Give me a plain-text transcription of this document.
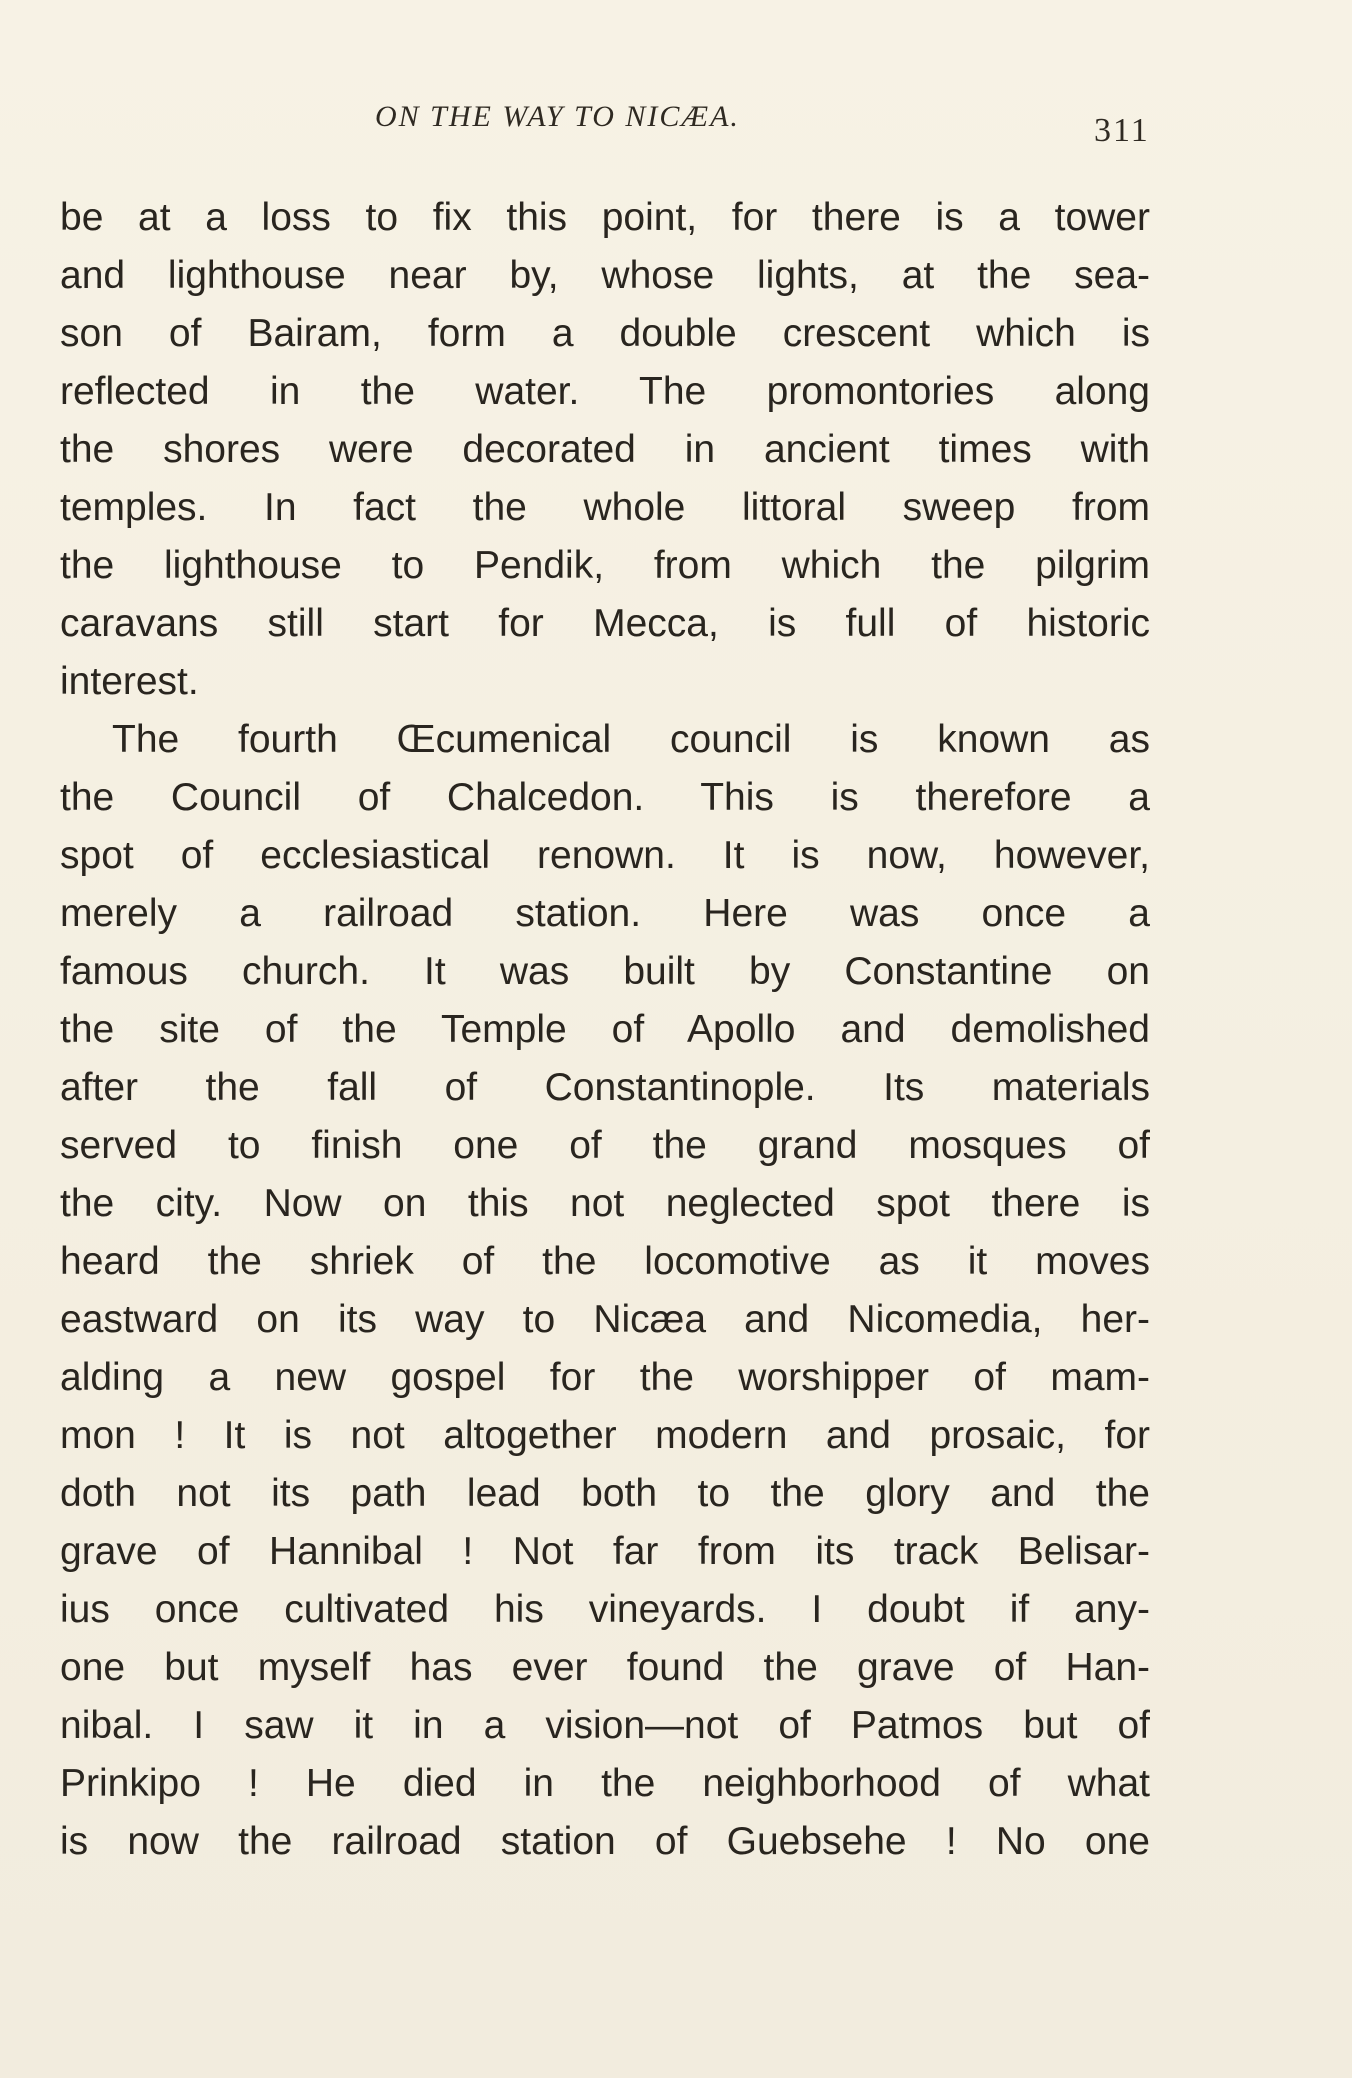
ON THE WAY TO NICÆA.	311
be at a loss to fix this point, for there is a tower
and lighthouse near by, whose lights, at the sea-
son of Bairam, form a double crescent which is
reflected in the water. The promontories along
the shores were decorated in ancient times with
temples. In fact the whole littoral sweep from
the lighthouse to Pendik, from which the pilgrim
caravans still start for Mecca, is full of historic
interest.
The fourth Œcumenical council is known as
the Council of Chalcedon. This is therefore a
spot of ecclesiastical renown. It is now, however,
merely a railroad station. Here was once a
famous church. It was built by Constantine on
the site of the Temple of Apollo and demolished
after the fall of Constantinople. Its materials
served to finish one of the grand mosques of
the city. Now on this not neglected spot there is
heard the shriek of the locomotive as it moves
eastward on its way to Nicæa and Nicomedia, her-
alding a new gospel for the worshipper of mam-
mon ! It is not altogether modern and prosaic, for
doth not its path lead both to the glory and the
grave of Hannibal ! Not far from its track Belisar-
ius once cultivated his vineyards. I doubt if any-
one but myself has ever found the grave of Han-
nibal. I saw it in a vision—not of Patmos but of
Prinkipo ! He died in the neighborhood of what
is now the railroad station of Guebsehe ! No one
